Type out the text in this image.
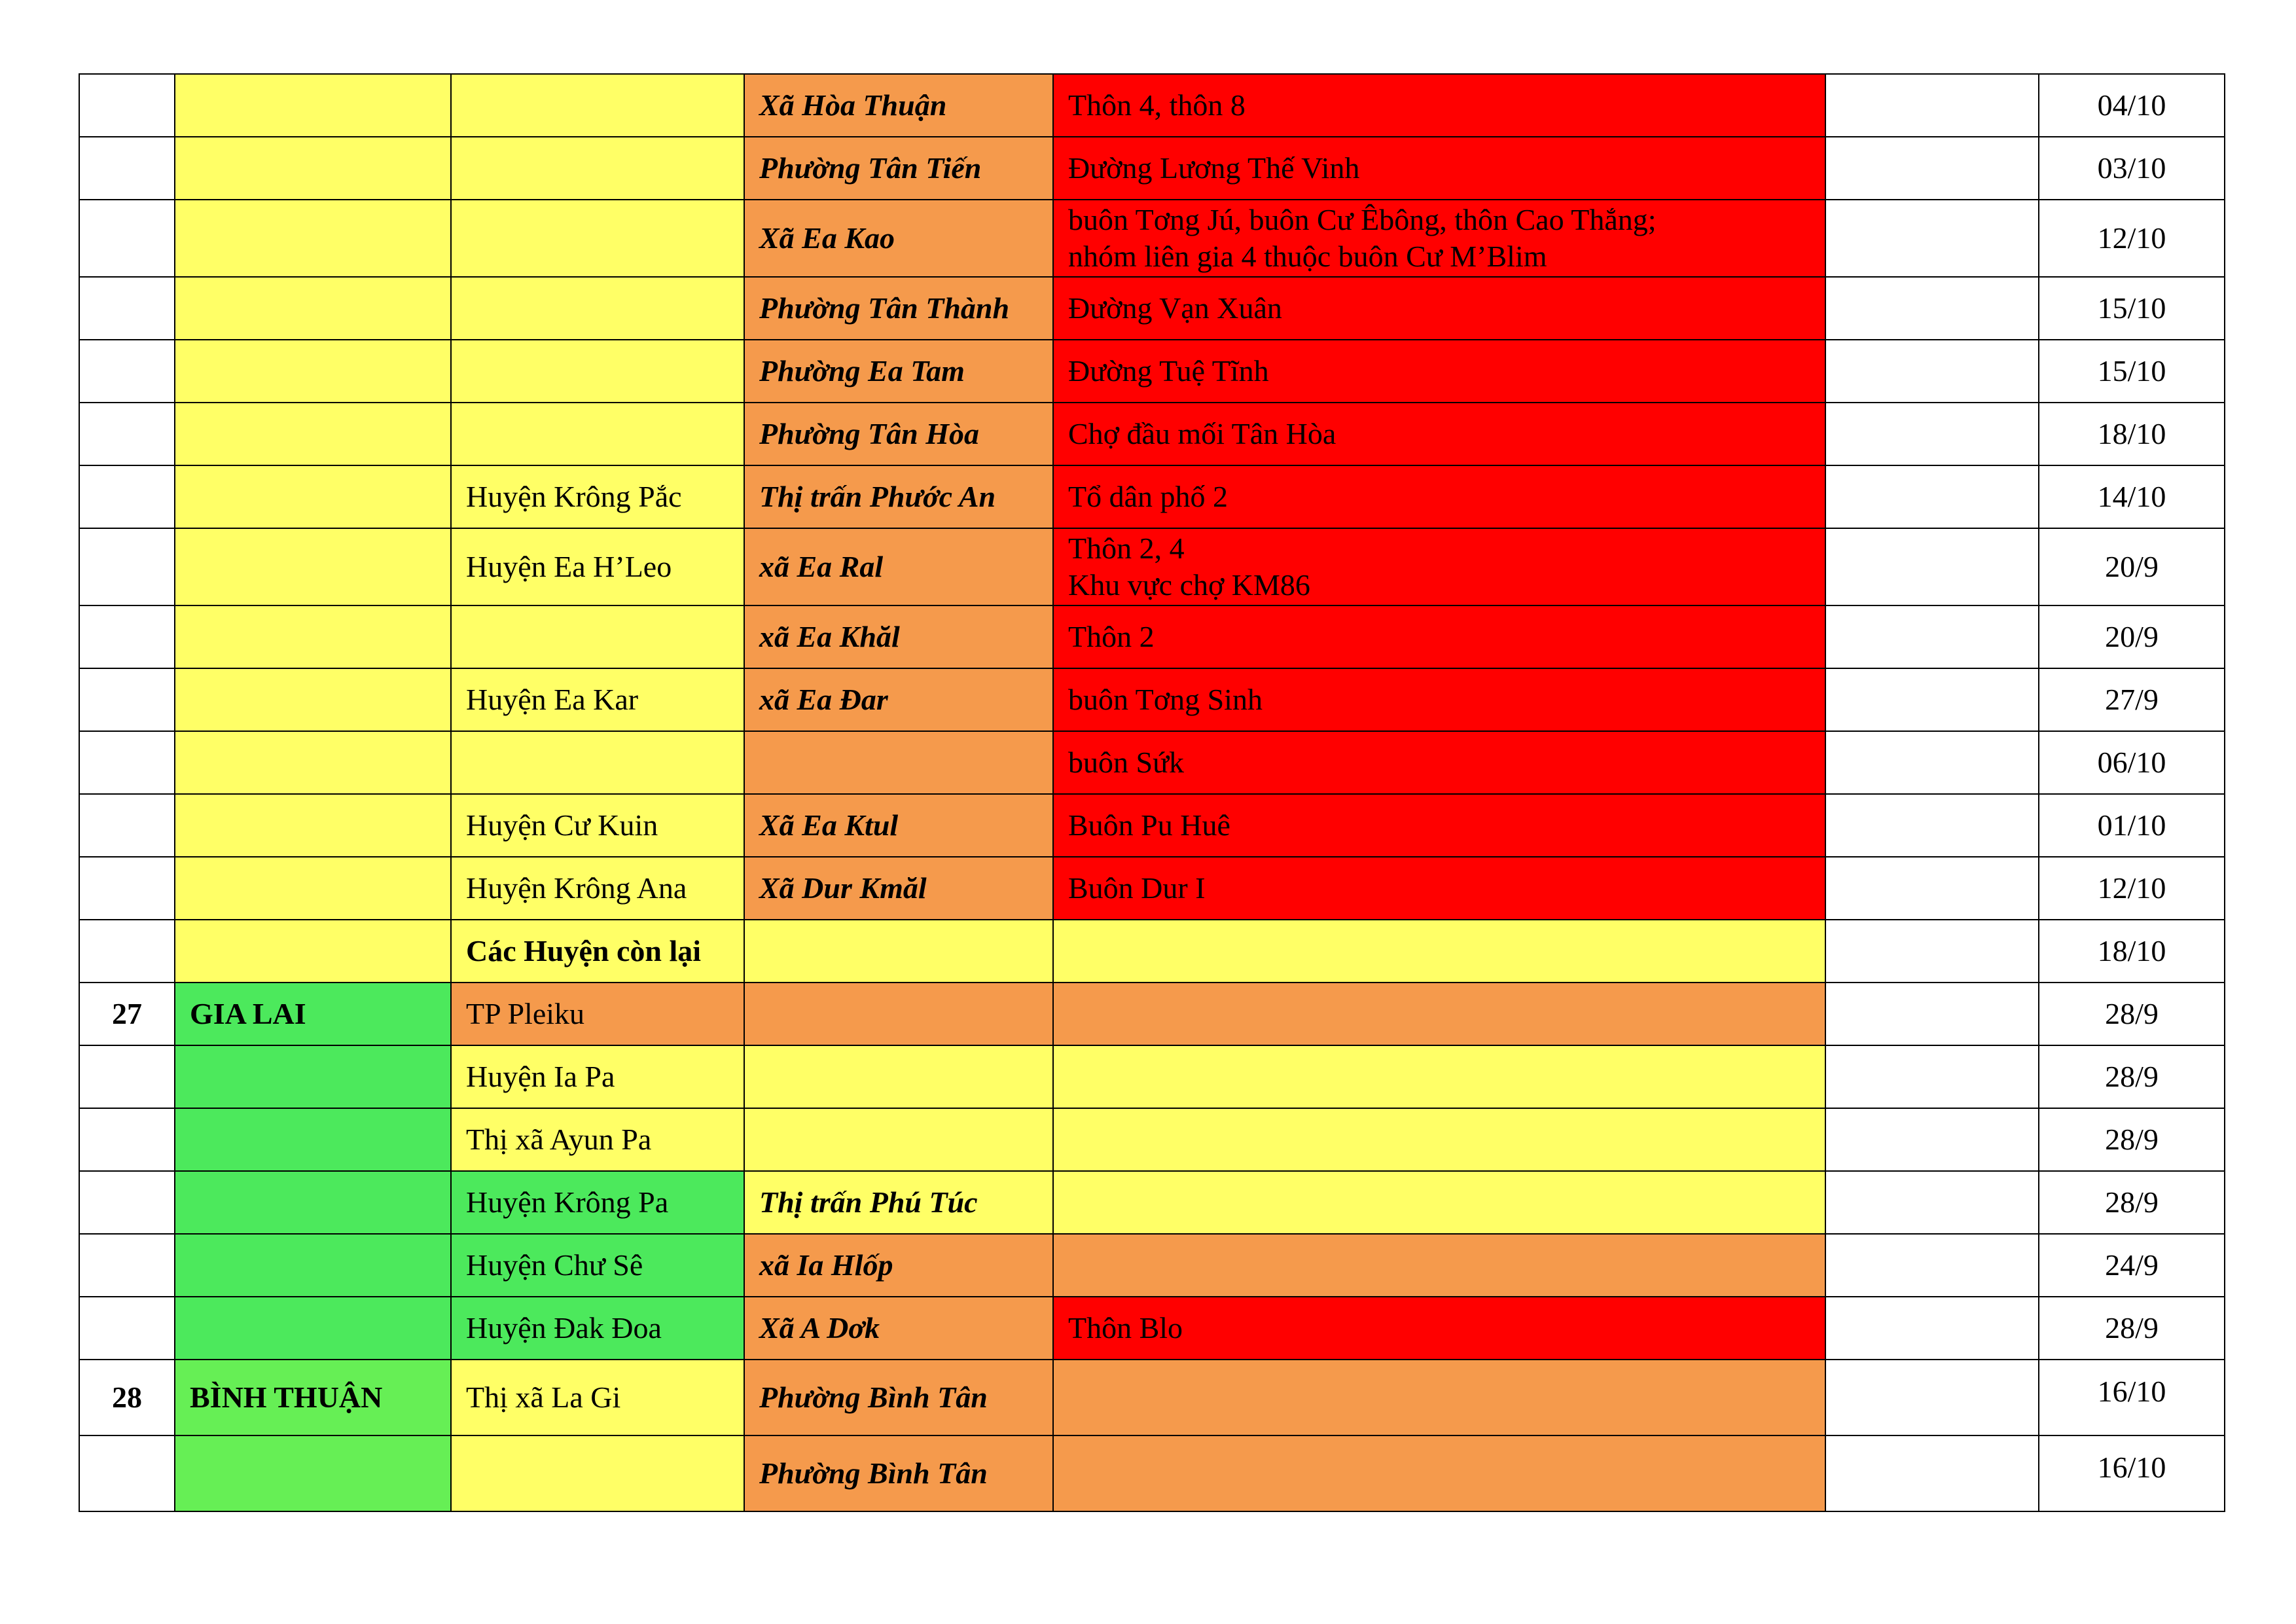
			Xã Hòa Thuận	Thôn 4, thôn 8		04/10
			Phường Tân Tiến	Đường Lương Thế Vinh		03/10
			Xã Ea Kao	buôn Tơng Jú, buôn Cư Êbông, thôn Cao Thắng;
nhóm liên gia 4 thuộc buôn Cư M’Blim		12/10
			Phường Tân Thành	Đường Vạn Xuân		15/10
			Phường Ea Tam	Đường Tuệ Tĩnh		15/10
			Phường Tân Hòa	Chợ đầu mối Tân Hòa		18/10
		Huyện Krông Pắc	Thị trấn Phước An	Tổ dân phố 2		14/10
		Huyện Ea H’Leo	xã Ea Ral	Thôn 2, 4
Khu vực chợ KM86		20/9
			xã Ea Khăl	Thôn 2		20/9
		Huyện Ea Kar	xã Ea Đar	buôn Tơng Sinh		27/9
				buôn Sứk		06/10
		Huyện Cư Kuin	Xã Ea Ktul	Buôn Pu Huê		01/10
		Huyện Krông Ana	Xã Dur Kmăl	Buôn Dur I		12/10
		Các Huyện còn lại				18/10
27	GIA LAI	TP Pleiku				28/9
		Huyện Ia Pa				28/9
		Thị xã Ayun Pa				28/9
		Huyện Krông Pa	Thị trấn Phú Túc			28/9
		Huyện Chư Sê	xã Ia Hlốp			24/9
		Huyện Đak Đoa	Xã A Dơk	Thôn Blo		28/9
28	BÌNH THUẬN	Thị xã La Gi	Phường Bình Tân			16/10
			Phường Bình Tân			16/10
